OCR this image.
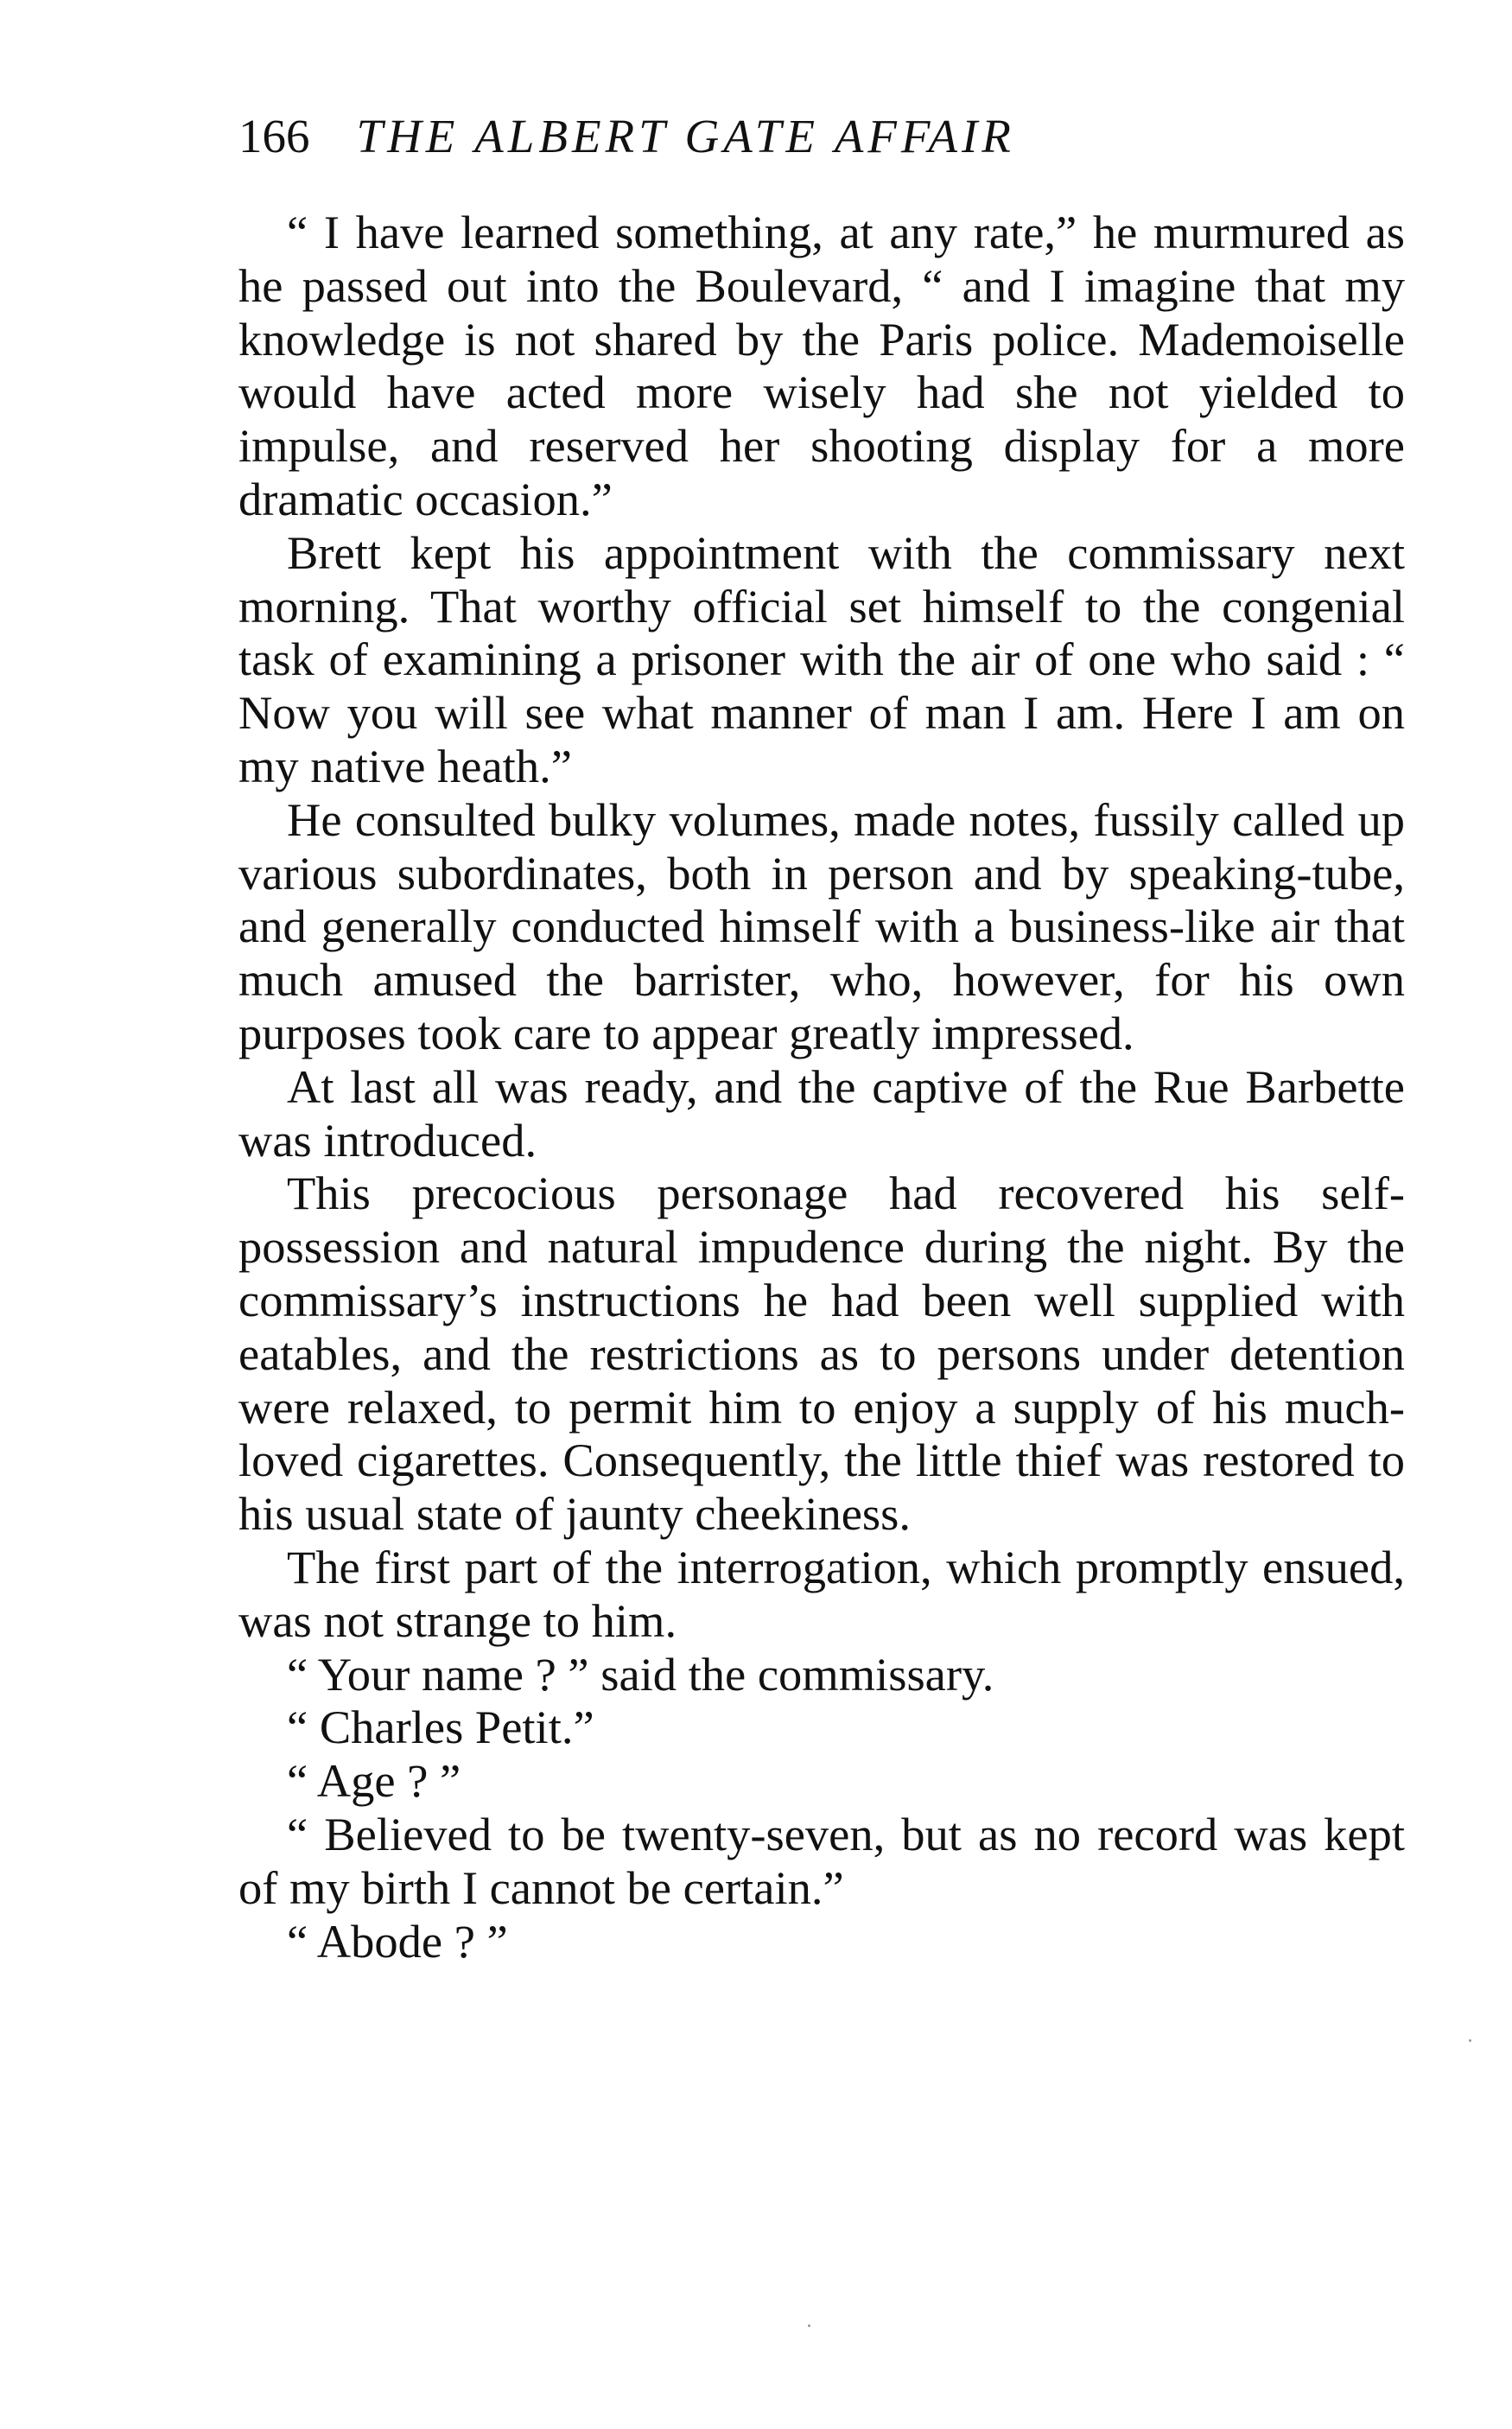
166 THE ALBERT GATE AFFAIR

“ I have learned something, at any rate,” he murmured as he passed out into the Boulevard, “ and I imagine that my knowledge is not shared by the Paris police. Mademoiselle would have acted more wisely had she not yielded to impulse, and reserved her shooting display for a more dramatic occasion.”

Brett kept his appointment with the commissary next morning. That worthy official set himself to the congenial task of examining a prisoner with the air of one who said : “ Now you will see what manner of man I am. Here I am on my native heath.”

He consulted bulky volumes, made notes, fussily called up various subordinates, both in person and by speaking-tube, and generally conducted himself with a business-like air that much amused the barrister, who, however, for his own purposes took care to appear greatly impressed.

At last all was ready, and the captive of the Rue Barbette was introduced.

This precocious personage had recovered his self-possession and natural impudence during the night. By the commissary’s instructions he had been well supplied with eatables, and the restrictions as to persons under detention were relaxed, to permit him to enjoy a supply of his much-loved cigarettes. Consequently, the little thief was restored to his usual state of jaunty cheekiness.

The first part of the interrogation, which promptly ensued, was not strange to him.

“ Your name ? ” said the commissary.

“ Charles Petit.”

“ Age ? ”

“ Believed to be twenty-seven, but as no record was kept of my birth I cannot be certain.”

“ Abode ? ”
